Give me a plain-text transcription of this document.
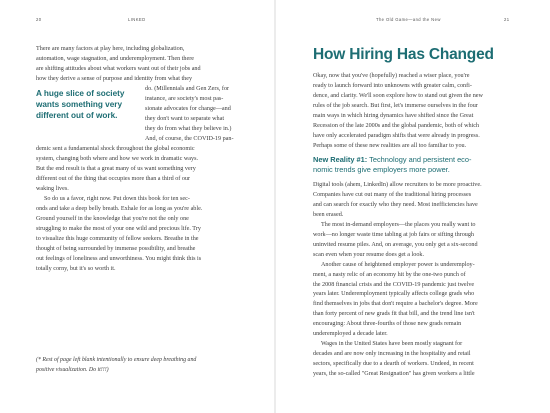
20	LINKED
There are many factors at play here, including globalization,
automation, wage stagnation, and underemployment. Then there
are shifting attitudes about what workers want out of their jobs and
how they derive a sense of purpose and identity from what they
A huge slice of society
wants something very
different out of work.
do. (Millennials and Gen Zers, for
instance, are society's most pas-
sionate advocates for change—and
they don't want to separate what
they do from what they believe in.)
And, of course, the COVID-19 pan-
demic sent a fundamental shock throughout the global economic
system, changing both where and how we work in dramatic ways.
But the end result is that a great many of us want something very
different out of the thing that occupies more than a third of our
waking lives.
So do us a favor, right now. Put down this book for ten sec-
onds and take a deep belly breath. Exhale for as long as you're able.
Ground yourself in the knowledge that you're not the only one
struggling to make the most of your one wild and precious life. Try
to visualize this huge community of fellow seekers. Breathe in the
thought of being surrounded by immense possibility, and breathe
out feelings of loneliness and unworthiness. You might think this is
totally corny, but it's so worth it.
(* Rest of page left blank intentionally to ensure deep breathing and
positive visualization. Do it!!!)
The Old Game—and the New	21
How Hiring Has Changed
Okay, now that you've (hopefully) reached a wiser place, you're
ready to launch forward into unknowns with greater calm, confi-
dence, and clarity. We'll soon explore how to stand out given the new
rules of the job search. But first, let's immerse ourselves in the four
main ways in which hiring dynamics have shifted since the Great
Recession of the late 2000s and the global pandemic, both of which
have only accelerated paradigm shifts that were already in progress.
Perhaps some of these new realities are all too familiar to you.
New Reality #1: Technology and persistent eco-
nomic trends give employers more power.
Digital tools (ahem, LinkedIn) allow recruiters to be more proactive.
Companies have cut out many of the traditional hiring processes
and can search for exactly who they need. Most inefficiencies have
been erased.
The most in-demand employers—the places you really want to
work—no longer waste time tabling at job fairs or sifting through
uninvited resume piles. And, on average, you only get a six-second
scan even when your resume does get a look.
Another cause of heightened employer power is underemploy-
ment, a nasty relic of an economy hit by the one-two punch of
the 2008 financial crisis and the COVID-19 pandemic just twelve
years later. Underemployment typically affects college grads who
find themselves in jobs that don't require a bachelor's degree. More
than forty percent of new grads fit that bill, and the trend line isn't
encouraging: About three-fourths of those new grads remain
underemployed a decade later.
Wages in the United States have been mostly stagnant for
decades and are now only increasing in the hospitality and retail
sectors, specifically due to a dearth of workers. Undeed, in recent
years, the so-called "Great Resignation" has given workers a little
